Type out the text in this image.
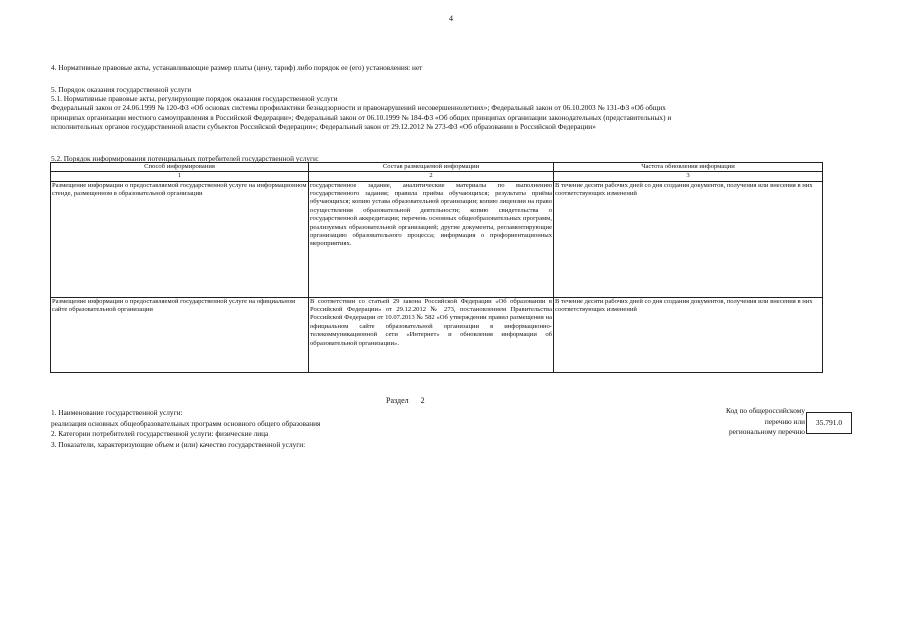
4
4. Нормативные правовые акты, устанавливающие размер платы (цену, тариф) либо порядок ее (его) установления: нет
5. Порядок оказания государственной услуги
5.1. Нормативные правовые акты, регулирующие порядок оказания государственной услуги
Федеральный закон от 24.06.1999 № 120-ФЗ «Об основах системы профилактики безнадзорности и правонарушений несовершеннолетних»; Федеральный закон от 06.10.2003 № 131-ФЗ «Об общих
принципах организации местного самоуправления в Российской Федерации»; Федеральный закон от 06.10.1999 № 184-ФЗ «Об общих принципах организации законодательных (представительных) и
исполнительных органов государственной власти субъектов Российской Федерации»; Федеральный закон от 29.12.2012 № 273-ФЗ «Об образовании в Российской Федерации»
5.2. Порядок информирования потенциальных потребителей государственной услуги:
Способ информирования	Состав размещаемой информации	Частота обновления информации
1	2	3
Размещение информации о предоставляемой государственной услуге на информационном стенде, размещенном в образовательной организации	государственное задание, аналитические материалы по выполнению государственного задания; правила приёма обучающихся; результаты приёма обучающихся; копию устава образовательной организации; копию лицензии на право осуществления образовательной деятельности; копию свидетельства о государственной аккредитации; перечень основных общеобразовательных программ, реализуемых образовательной организацией; другие документы, регламентирующие организацию образовательного процесса; информация о профориентационных мероприятиях.	В течение десяти рабочих дней со дня создания документов, получения или внесения в них соответствующих изменений
Размещение информации о предоставляемой государственной услуге на официальном сайте образовательной организации	В соответствии со статьей 29 закона Российской Федерации «Об образовании в Российской Федерации» от 29.12.2012 № 273, постановлением Правительства Российской Федерации от 10.07.2013 № 582 «Об утверждении правил размещения на официальном сайте образовательной организации в информационно-телекоммуникационной сети «Интернет» и обновления информации об образовательной организации».	В течение десяти рабочих дней со дня создания документов, получения или внесения в них соответствующих изменений
Раздел 2
1. Наименование государственной услуги:
реализация основных общеобразовательных программ основного общего образования
2. Категории потребителей государственной услуги: физические лица
3. Показатели, характеризующие объем и (или) качество государственной услуги:
Код по общероссийскому
перечню или
региональному перечню
35.791.0
